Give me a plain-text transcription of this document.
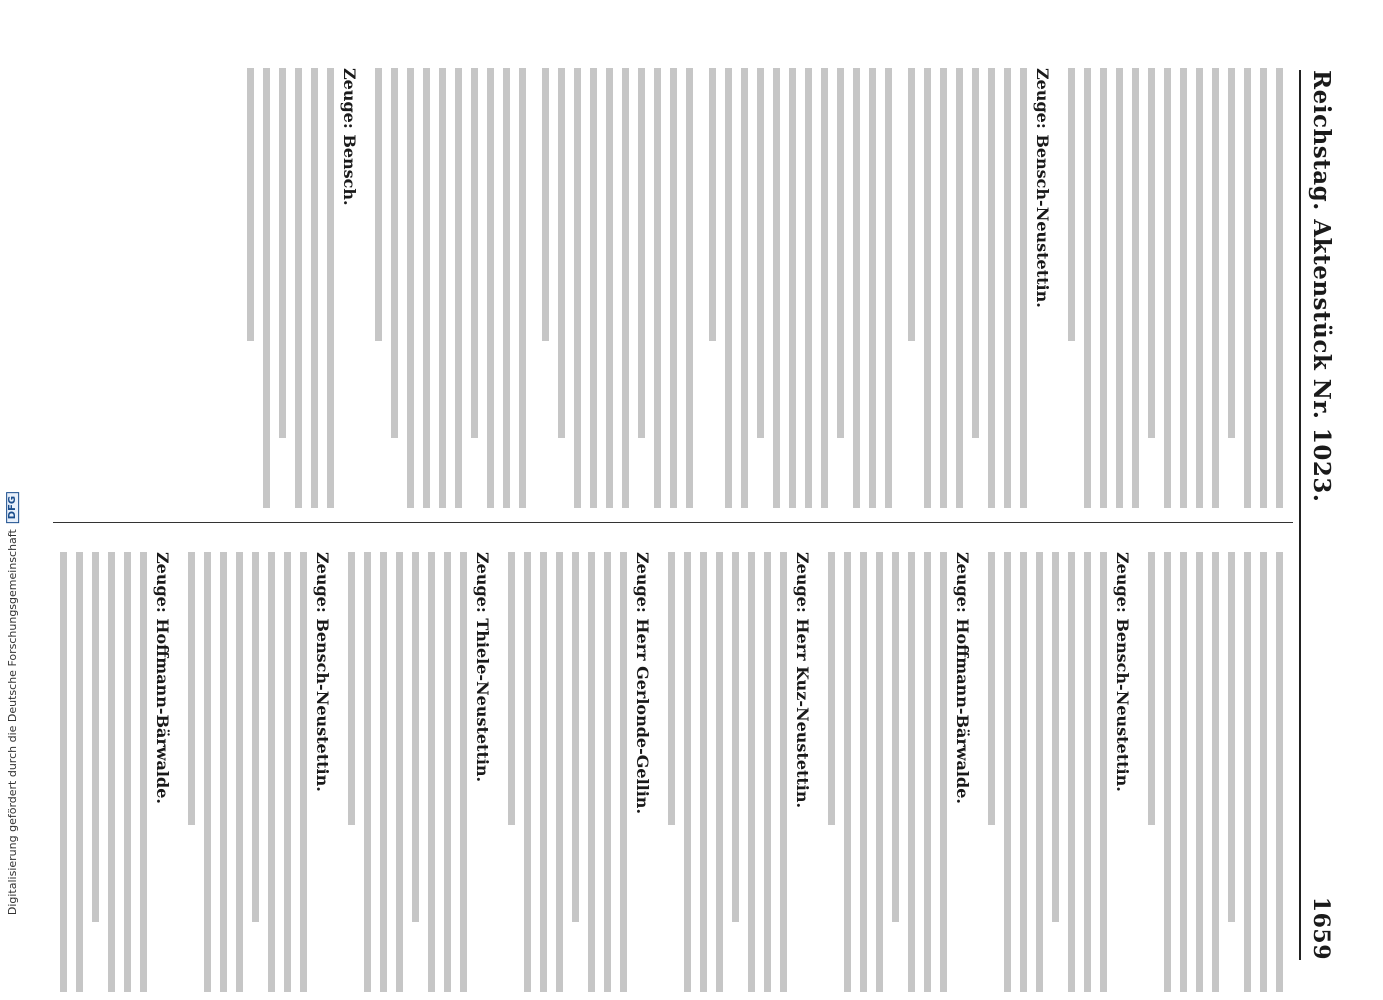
Reichstag. Aktenstück Nr. 1023.
1659
Zeuge: Bensch-Neustettin.
Zeuge: Bensch.
Zeuge: Bensch-Neustettin.
Zeuge: Hoffmann-Bärwalde.
Zeuge: Herr Kuz-Neustettin.
Zeuge: Herr Gerlonde-Gellin.
Zeuge: Thiele-Neustettin.
Zeuge: Bensch-Neustettin.
Zeuge: Hoffmann-Bärwalde.
Digitalisierung gefördert durch die Deutsche Forschungsgemeinschaft
DFG
